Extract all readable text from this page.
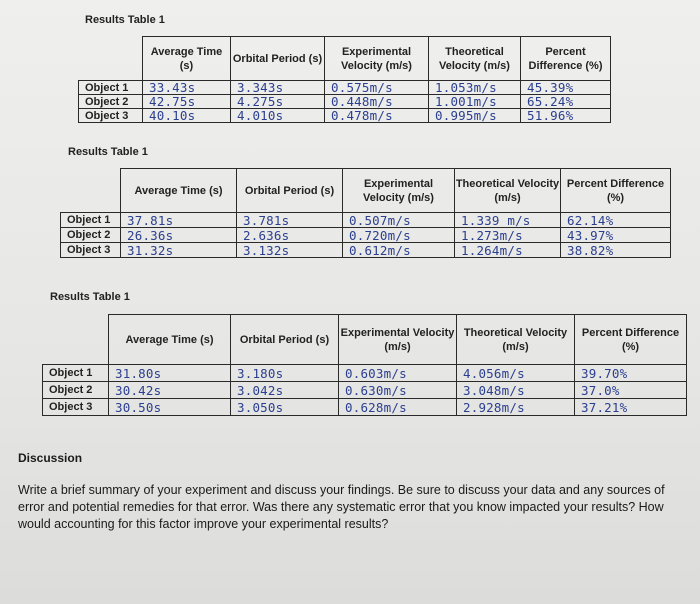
Results Table 1
	Average Time (s)	Orbital Period (s)	Experimental Velocity (m/s)	Theoretical Velocity (m/s)	Percent Difference (%)
Object 1	33.43s	3.343s	0.575m/s	1.053m/s	45.39%
Object 2	42.75s	4.275s	0.448m/s	1.001m/s	65.24%
Object 3	40.10s	4.010s	0.478m/s	0.995m/s	51.96%
Results Table 1
	Average Time (s)	Orbital Period (s)	Experimental Velocity (m/s)	Theoretical Velocity (m/s)	Percent Difference (%)
Object 1	37.81s	3.781s	0.507m/s	1.339 m/s	62.14%
Object 2	26.36s	2.636s	0.720m/s	1.273m/s	43.97%
Object 3	31.32s	3.132s	0.612m/s	1.264m/s	38.82%
Results Table 1
	Average Time (s)	Orbital Period (s)	Experimental Velocity (m/s)	Theoretical Velocity (m/s)	Percent Difference (%)
Object 1	31.80s	3.180s	0.603m/s	4.056m/s	39.70%
Object 2	30.42s	3.042s	0.630m/s	3.048m/s	37.0%
Object 3	30.50s	3.050s	0.628m/s	2.928m/s	37.21%
Discussion
Write a brief summary of your experiment and discuss your findings. Be sure to discuss your data and any sources of error and potential remedies for that error. Was there any systematic error that you know impacted your results? How would accounting for this factor improve your experimental results?
